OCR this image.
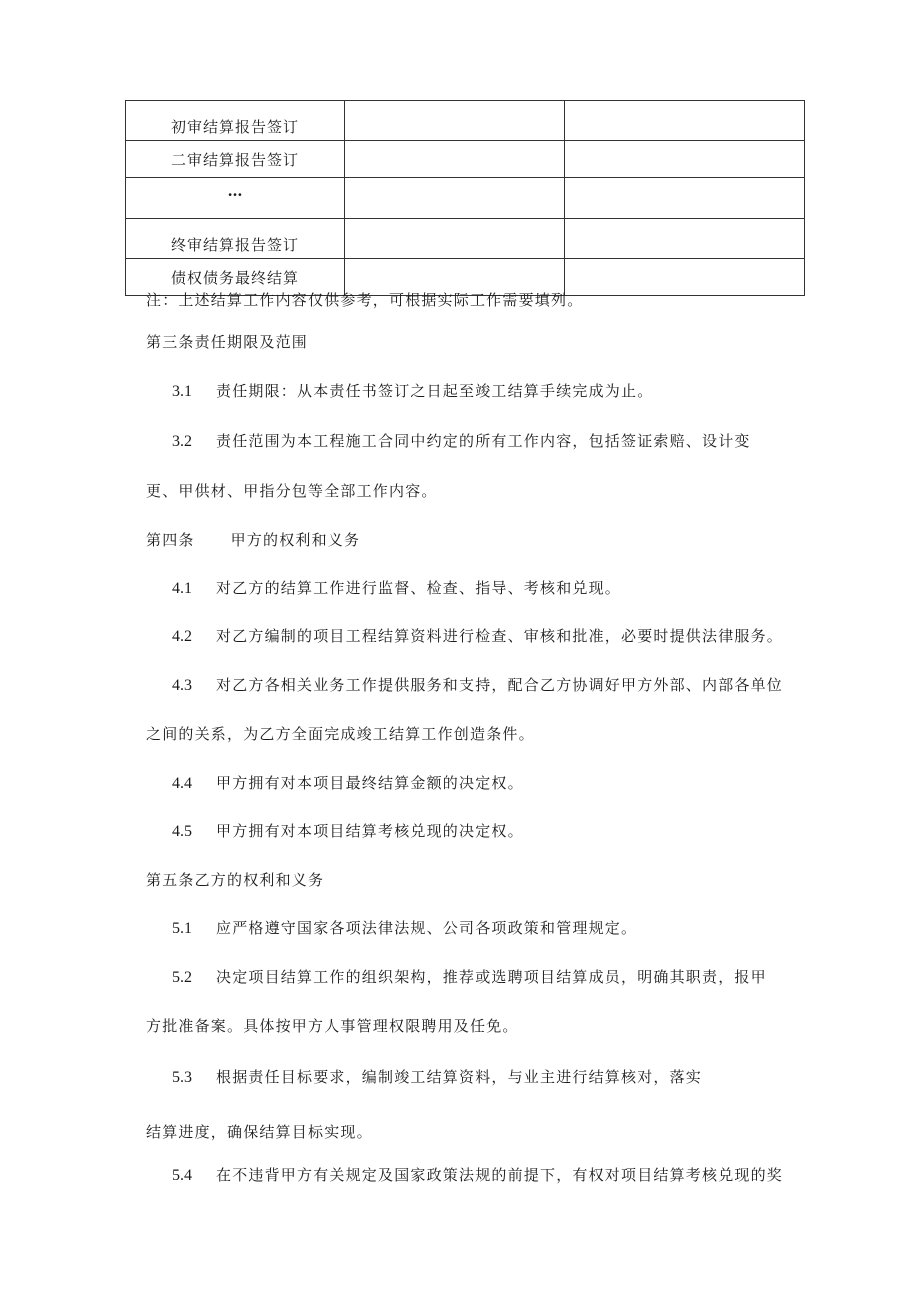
初审结算报告签订		
二审结算报告签订		
…		
终审结算报告签订		
债权债务最终结算		
注：上述结算工作内容仅供参考，可根据实际工作需要填列。
第三条责任期限及范围
3.1 责任期限：从本责任书签订之日起至竣工结算手续完成为止。
3.2 责任范围为本工程施工合同中约定的所有工作内容，包括签证索赔、设计变
更、甲供材、甲指分包等全部工作内容。
第四条 甲方的权利和义务
4.1 对乙方的结算工作进行监督、检查、指导、考核和兑现。
4.2 对乙方编制的项目工程结算资料进行检查、审核和批准，必要时提供法律服务。
4.3 对乙方各相关业务工作提供服务和支持，配合乙方协调好甲方外部、内部各单位
之间的关系，为乙方全面完成竣工结算工作创造条件。
4.4 甲方拥有对本项目最终结算金额的决定权。
4.5 甲方拥有对本项目结算考核兑现的决定权。
第五条乙方的权利和义务
5.1 应严格遵守国家各项法律法规、公司各项政策和管理规定。
5.2 决定项目结算工作的组织架构，推荐或选聘项目结算成员，明确其职责，报甲
方批准备案。具体按甲方人事管理权限聘用及任免。
5.3 根据责任目标要求，编制竣工结算资料，与业主进行结算核对，落实
结算进度，确保结算目标实现。
5.4 在不违背甲方有关规定及国家政策法规的前提下，有权对项目结算考核兑现的奖
